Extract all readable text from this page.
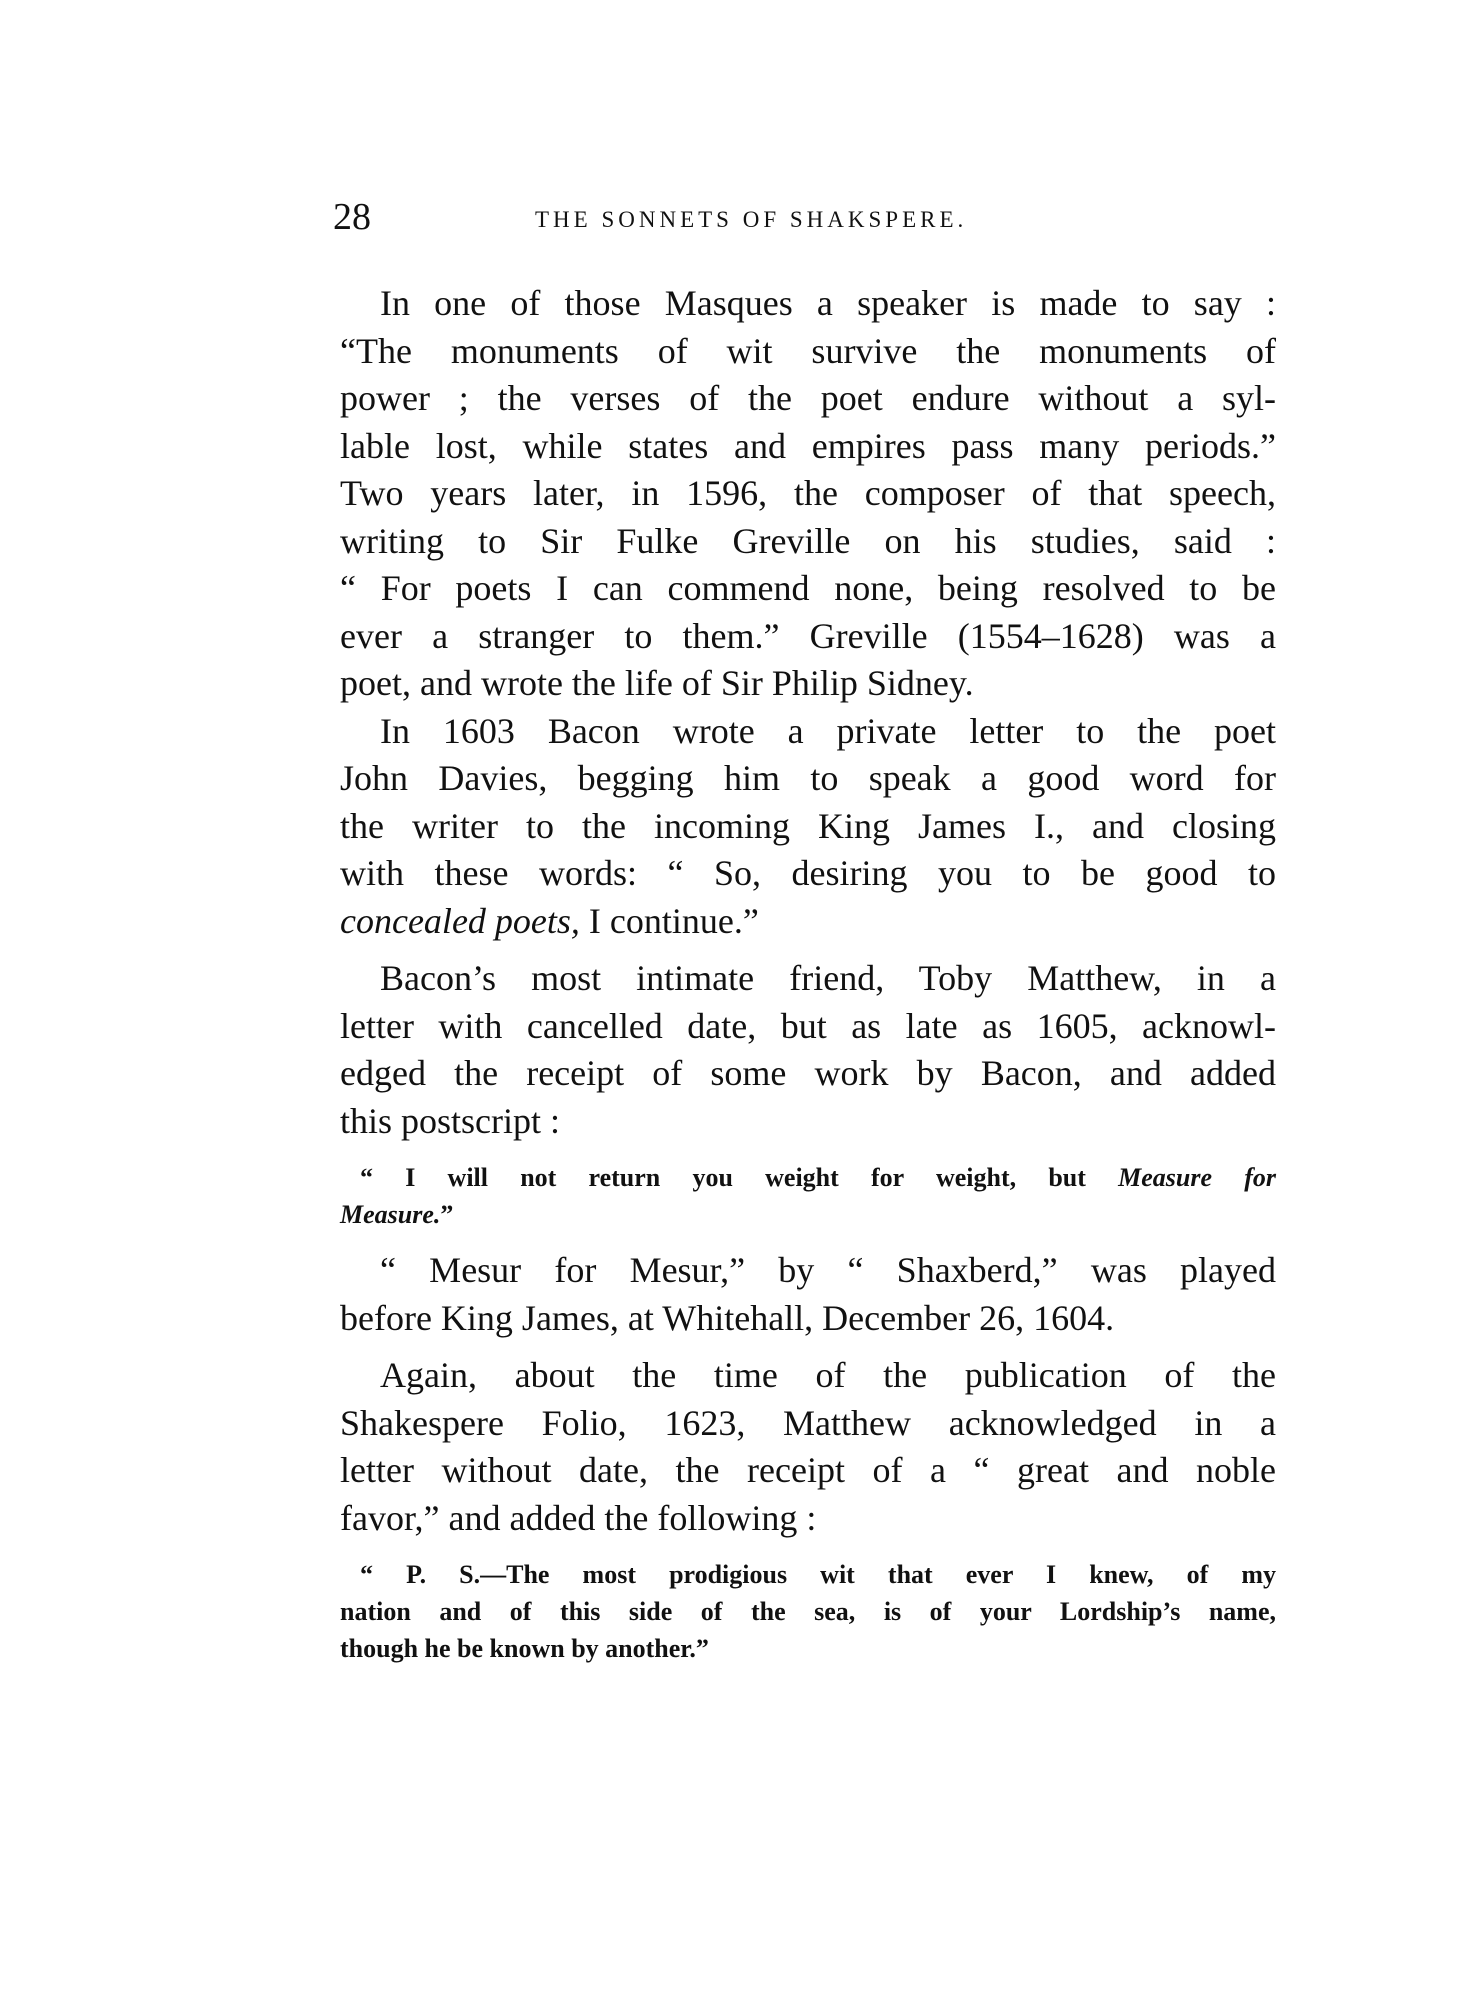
28	THE SONNETS OF SHAKSPERE.
In one of those Masques a speaker is made to say :
“The monuments of wit survive the monuments of
power ; the verses of the poet endure without a syl-
lable lost, while states and empires pass many periods.”
Two years later, in 1596, the composer of that speech,
writing to Sir Fulke Greville on his studies, said :
“ For poets I can commend none, being resolved to be
ever a stranger to them.” Greville (1554–1628) was a
poet, and wrote the life of Sir Philip Sidney.
In 1603 Bacon wrote a private letter to the poet
John Davies, begging him to speak a good word for
the writer to the incoming King James I., and closing
with these words: “ So, desiring you to be good to
concealed poets, I continue.”
Bacon’s most intimate friend, Toby Matthew, in a
letter with cancelled date, but as late as 1605, acknowl-
edged the receipt of some work by Bacon, and added
this postscript :
“ I will not return you weight for weight, but Measure for
Measure.”
“ Mesur for Mesur,” by “ Shaxberd,” was played
before King James, at Whitehall, December 26, 1604.
Again, about the time of the publication of the
Shakespere Folio, 1623, Matthew acknowledged in a
letter without date, the receipt of a “ great and noble
favor,” and added the following :
“ P. S.—The most prodigious wit that ever I knew, of my
nation and of this side of the sea, is of your Lordship’s name,
though he be known by another.”
